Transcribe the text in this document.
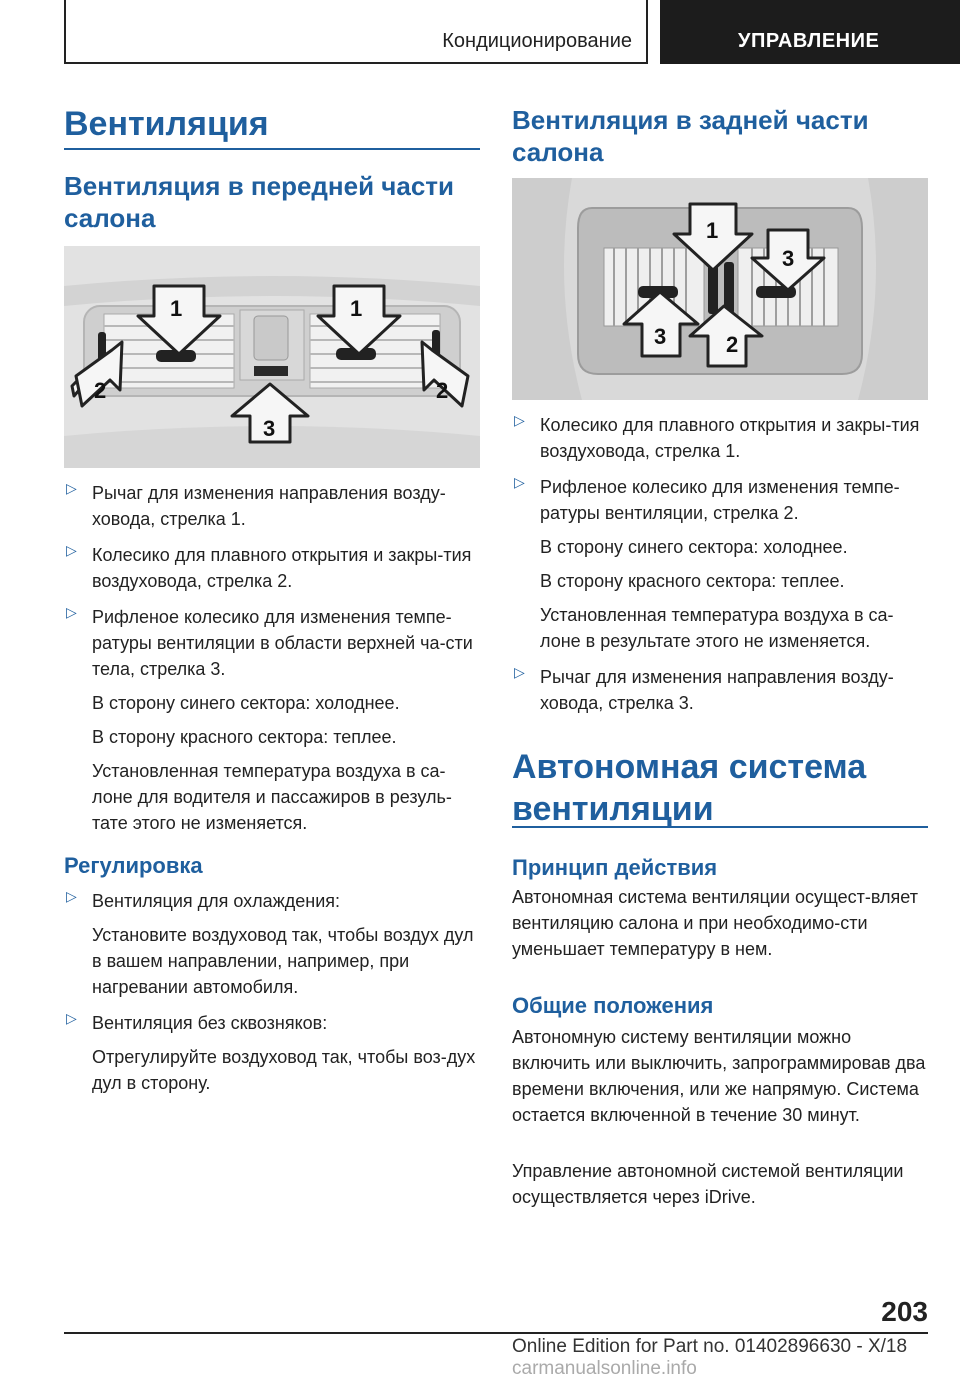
Кондиционирование	УПРАВЛЕНИЕ
Вентиляция
Вентиляция в передней части салона
1	1
2	2
3
▷ Рычаг для изменения направления возду-ховода, стрелка 1.

▷ Колесико для плавного открытия и закры-тия воздуховода, стрелка 2.

▷ Рифленое колесико для изменения темпе-ратуры вентиляции в области верхней ча-сти тела, стрелка 3.

В сторону синего сектора: холоднее.

В сторону красного сектора: теплее.

Установленная температура воздуха в са-лоне для водителя и пассажиров в резуль-тате этого не изменяется.

Регулировка
▷ Вентиляция для охлаждения:

Установите воздуховод так, чтобы воздух дул в вашем направлении, например, при нагревании автомобиля.

▷ Вентиляция без сквозняков:

Отрегулируйте воздуховод так, чтобы воз-дух дул в сторону.

Вентиляция в задней части салона
1
2
3
3
▷ Колесико для плавного открытия и закры-тия воздуховода, стрелка 1.

▷ Рифленое колесико для изменения темпе-ратуры вентиляции, стрелка 2.

В сторону синего сектора: холоднее.

В сторону красного сектора: теплее.

Установленная температура воздуха в са-лоне в результате этого не изменяется.

▷ Рычаг для изменения направления возду-ховода, стрелка 3.

Автономная система вентиляции
Принцип действия

Автономная система вентиляции осущест-вляет вентиляцию салона и при необходимо-сти уменьшает температуру в нем.

Общие положения

Автономную систему вентиляции можно включить или выключить, запрограммировав два времени включения, или же напрямую. Система остается включенной в течение 30 минут.

Управление автономной системой вентиляции осуществляется через iDrive.

203
Online Edition for Part no. 01402896630 - X/18 carmanualsonline.info
